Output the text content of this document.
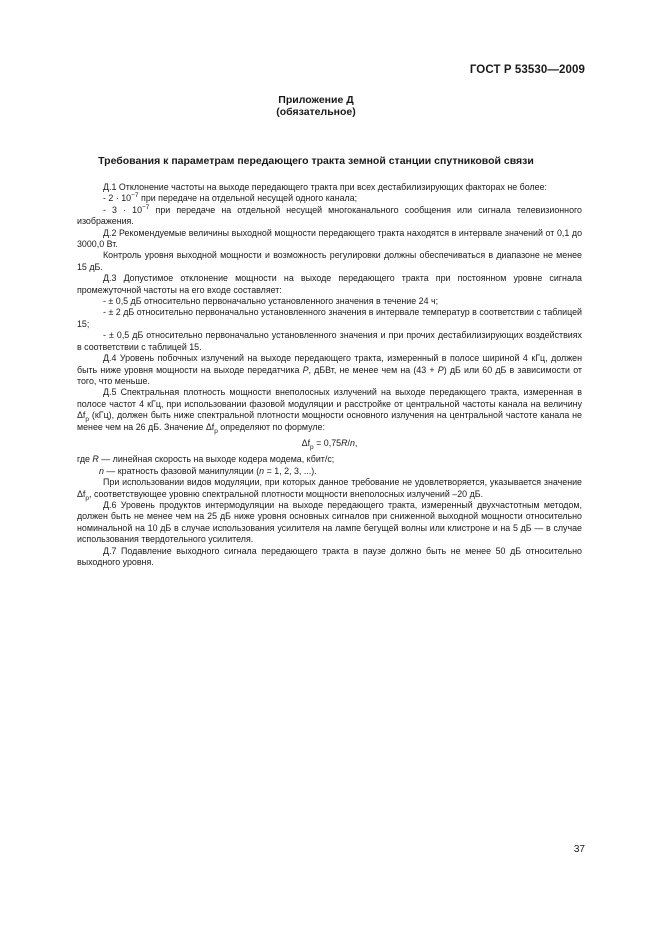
ГОСТ Р 53530—2009
Приложение Д
(обязательное)
Требования к параметрам передающего тракта земной станции спутниковой связи

Д.1 Отклонение частоты на выходе передающего тракта при всех дестабилизирующих факторах не более:

- $2 \cdot 10^{-7}$ при передаче на отдельной несущей одного канала;

- $3 \cdot 10^{-7}$ при передаче на отдельной несущей многоканального сообщения или сигнала телевизионного изображения.

Д.2 Рекомендуемые величины выходной мощности передающего тракта находятся в интервале значений от 0,1 до 3000,0 Вт.

Контроль уровня выходной мощности и возможность регулировки должны обеспечиваться в диапазоне не менее 15 дБ.

Д.3 Допустимое отклонение мощности на выходе передающего тракта при постоянном уровне сигнала промежуточной частоты на его входе составляет:

- ± 0,5 дБ относительно первоначально установленного значения в течение 24 ч;

- ± 2 дБ относительно первоначально установленного значения в интервале температур в соответствии с таблицей 15;

- ± 0,5 дБ относительно первоначально установленного значения и при прочих дестабилизирующих воздействиях в соответствии с таблицей 15.

Д.4 Уровень побочных излучений на выходе передающего тракта, измеренный в полосе шириной 4 кГц, должен быть ниже уровня мощности на выходе передатчика P, дБВт, не менее чем на (43 + P) дБ или 60 дБ в зависимости от того, что меньше.

Д.5 Спектральная плотность мощности внеполосных излучений на выходе передающего тракта, измеренная в полосе частот 4 кГц, при использовании фазовой модуляции и расстройке от центральной частоты канала на величину $\Delta f_р$ (кГц), должен быть ниже спектральной плотности мощности основного излучения на центральной частоте канала не менее чем на 26 дБ. Значение $\Delta f_р$ определяют по формуле:

$\Delta f_р = 0,75R/n$,

где R — линейная скорость на выходе кодера модема, кбит/с;

n — кратность фазовой манипуляции (n = 1, 2, 3, ...).

При использовании видов модуляции, при которых данное требование не удовлетворяется, указывается значение $\Delta f_р$, соответствующее уровню спектральной плотности мощности внеполосных излучений –20 дБ.

Д.6 Уровень продуктов интермодуляции на выходе передающего тракта, измеренный двухчастотным методом, должен быть не менее чем на 25 дБ ниже уровня основных сигналов при сниженной выходной мощности относительно номинальной на 10 дБ в случае использования усилителя на лампе бегущей волны или клистроне и на 5 дБ — в случае использования твердотельного усилителя.

Д.7 Подавление выходного сигнала передающего тракта в паузе должно быть не менее 50 дБ относительно выходного уровня.

37
